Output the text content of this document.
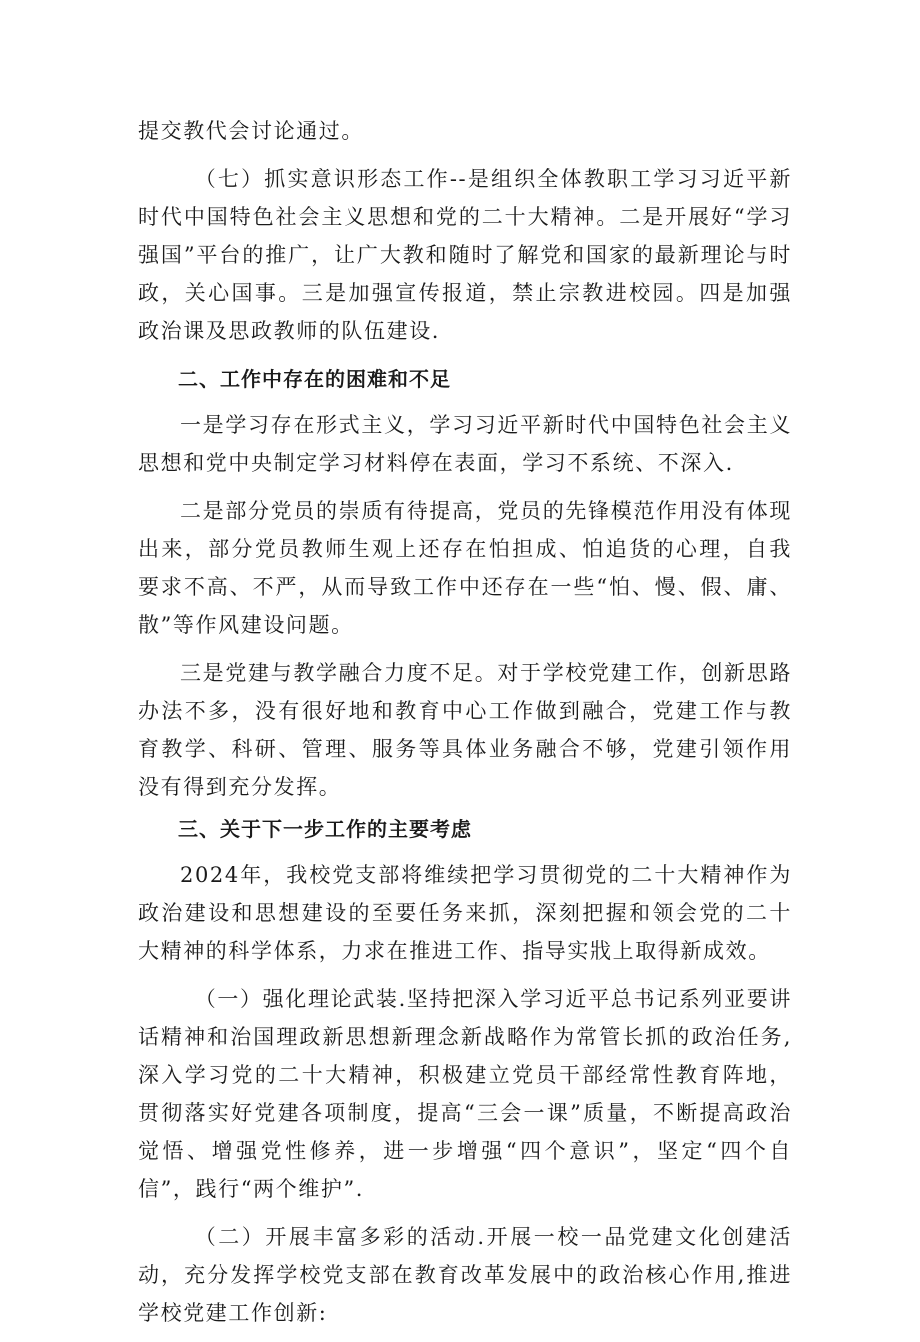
提交教代会讨论通过。

（七）抓实意识形态工作--是组织全体教职工学习习近平新时代中国特色社会主义思想和党的二十大精神。二是开展好“学习强国”平台的推广，让广大教和随时了解党和国家的最新理论与时政，关心国事。三是加强宣传报道，禁止宗教进校园。四是加强政治课及思政教师的队伍建设.

二、工作中存在的困难和不足

一是学习存在形式主义，学习习近平新时代中国特色社会主义思想和党中央制定学习材料停在表面，学习不系统、不深入.

二是部分党员的崇质有待提高，党员的先锋模范作用没有体现出来，部分党员教师生观上还存在怕担成、怕追货的心理，自我要求不高、不严，从而导致工作中还存在一些“怕、慢、假、庸、散”等作风建设问题。

三是党建与教学融合力度不足。对于学校党建工作，创新思路办法不多，没有很好地和教育中心工作做到融合，党建工作与教育教学、科研、管理、服务等具体业务融合不够，党建引领作用没有得到充分发挥。

三、关于下一步工作的主要考虑

2024年，我校党支部将维续把学习贯彻党的二十大精神作为政治建设和思想建设的至要任务来抓，深刻把握和领会党的二十大精神的科学体系，力求在推进工作、指导实戕上取得新成效。

（一）强化理论武装.坚持把深入学习近平总书记系列亚要讲话精神和治国理政新思想新理念新战略作为常管长抓的政治任务,深入学习党的二十大精神，积极建立党员干部经常性教育阵地，贯彻落实好党建各项制度，提高“三会一课”质量，不断提高政治觉悟、增强党性修养，进一步增强“四个意识”，坚定“四个自信”，践行“两个维护”.

（二）开展丰富多彩的活动.开展一校一品党建文化创建活动，充分发挥学校党支部在教育改革发展中的政治核心作用,推进学校党建工作创新:
